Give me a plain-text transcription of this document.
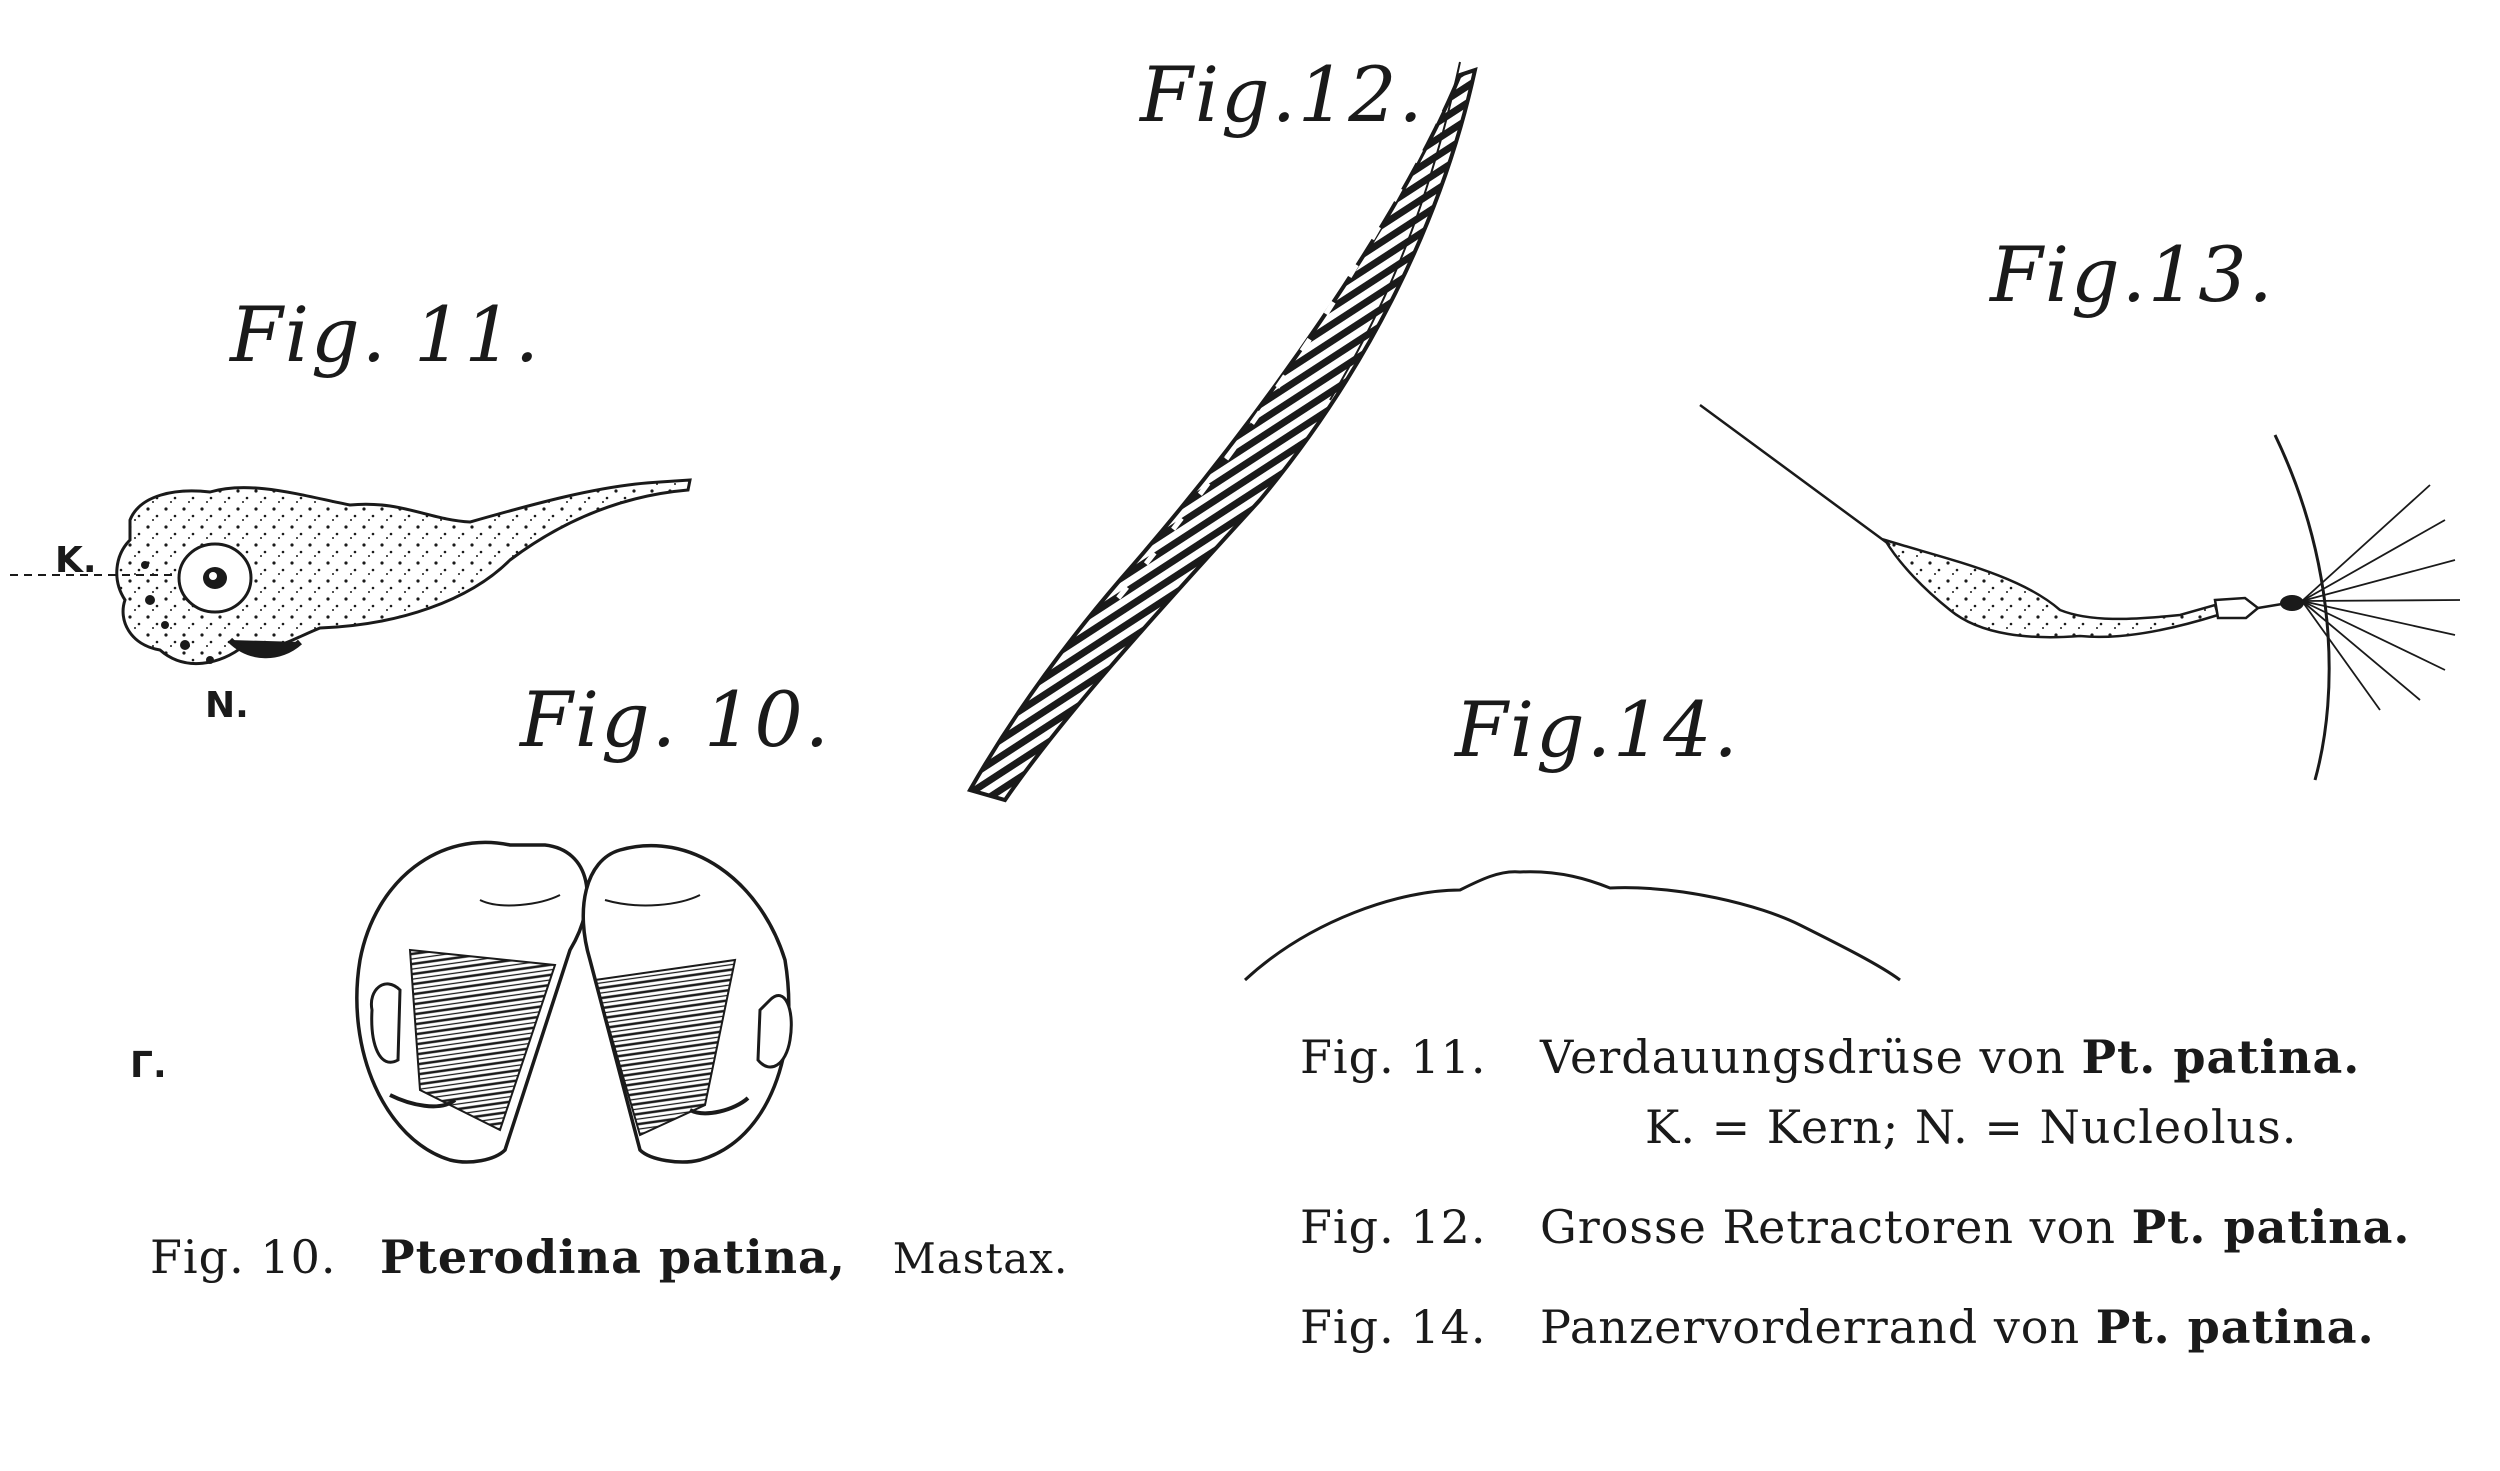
Fig. 11.
Fig.12.
Fig.13.
Fig. 10.	Fig.14.
K.
N.
Γ.
Fig. 10. Pterodina patina, Mastax.
Fig. 11. Verdauungsdrüse von Pt. patina.
K. = Kern; N. = Nucleolus.
Fig. 12. Grosse Retractoren von Pt. patina.
Fig. 14. Panzervorderrand von Pt. patina.
